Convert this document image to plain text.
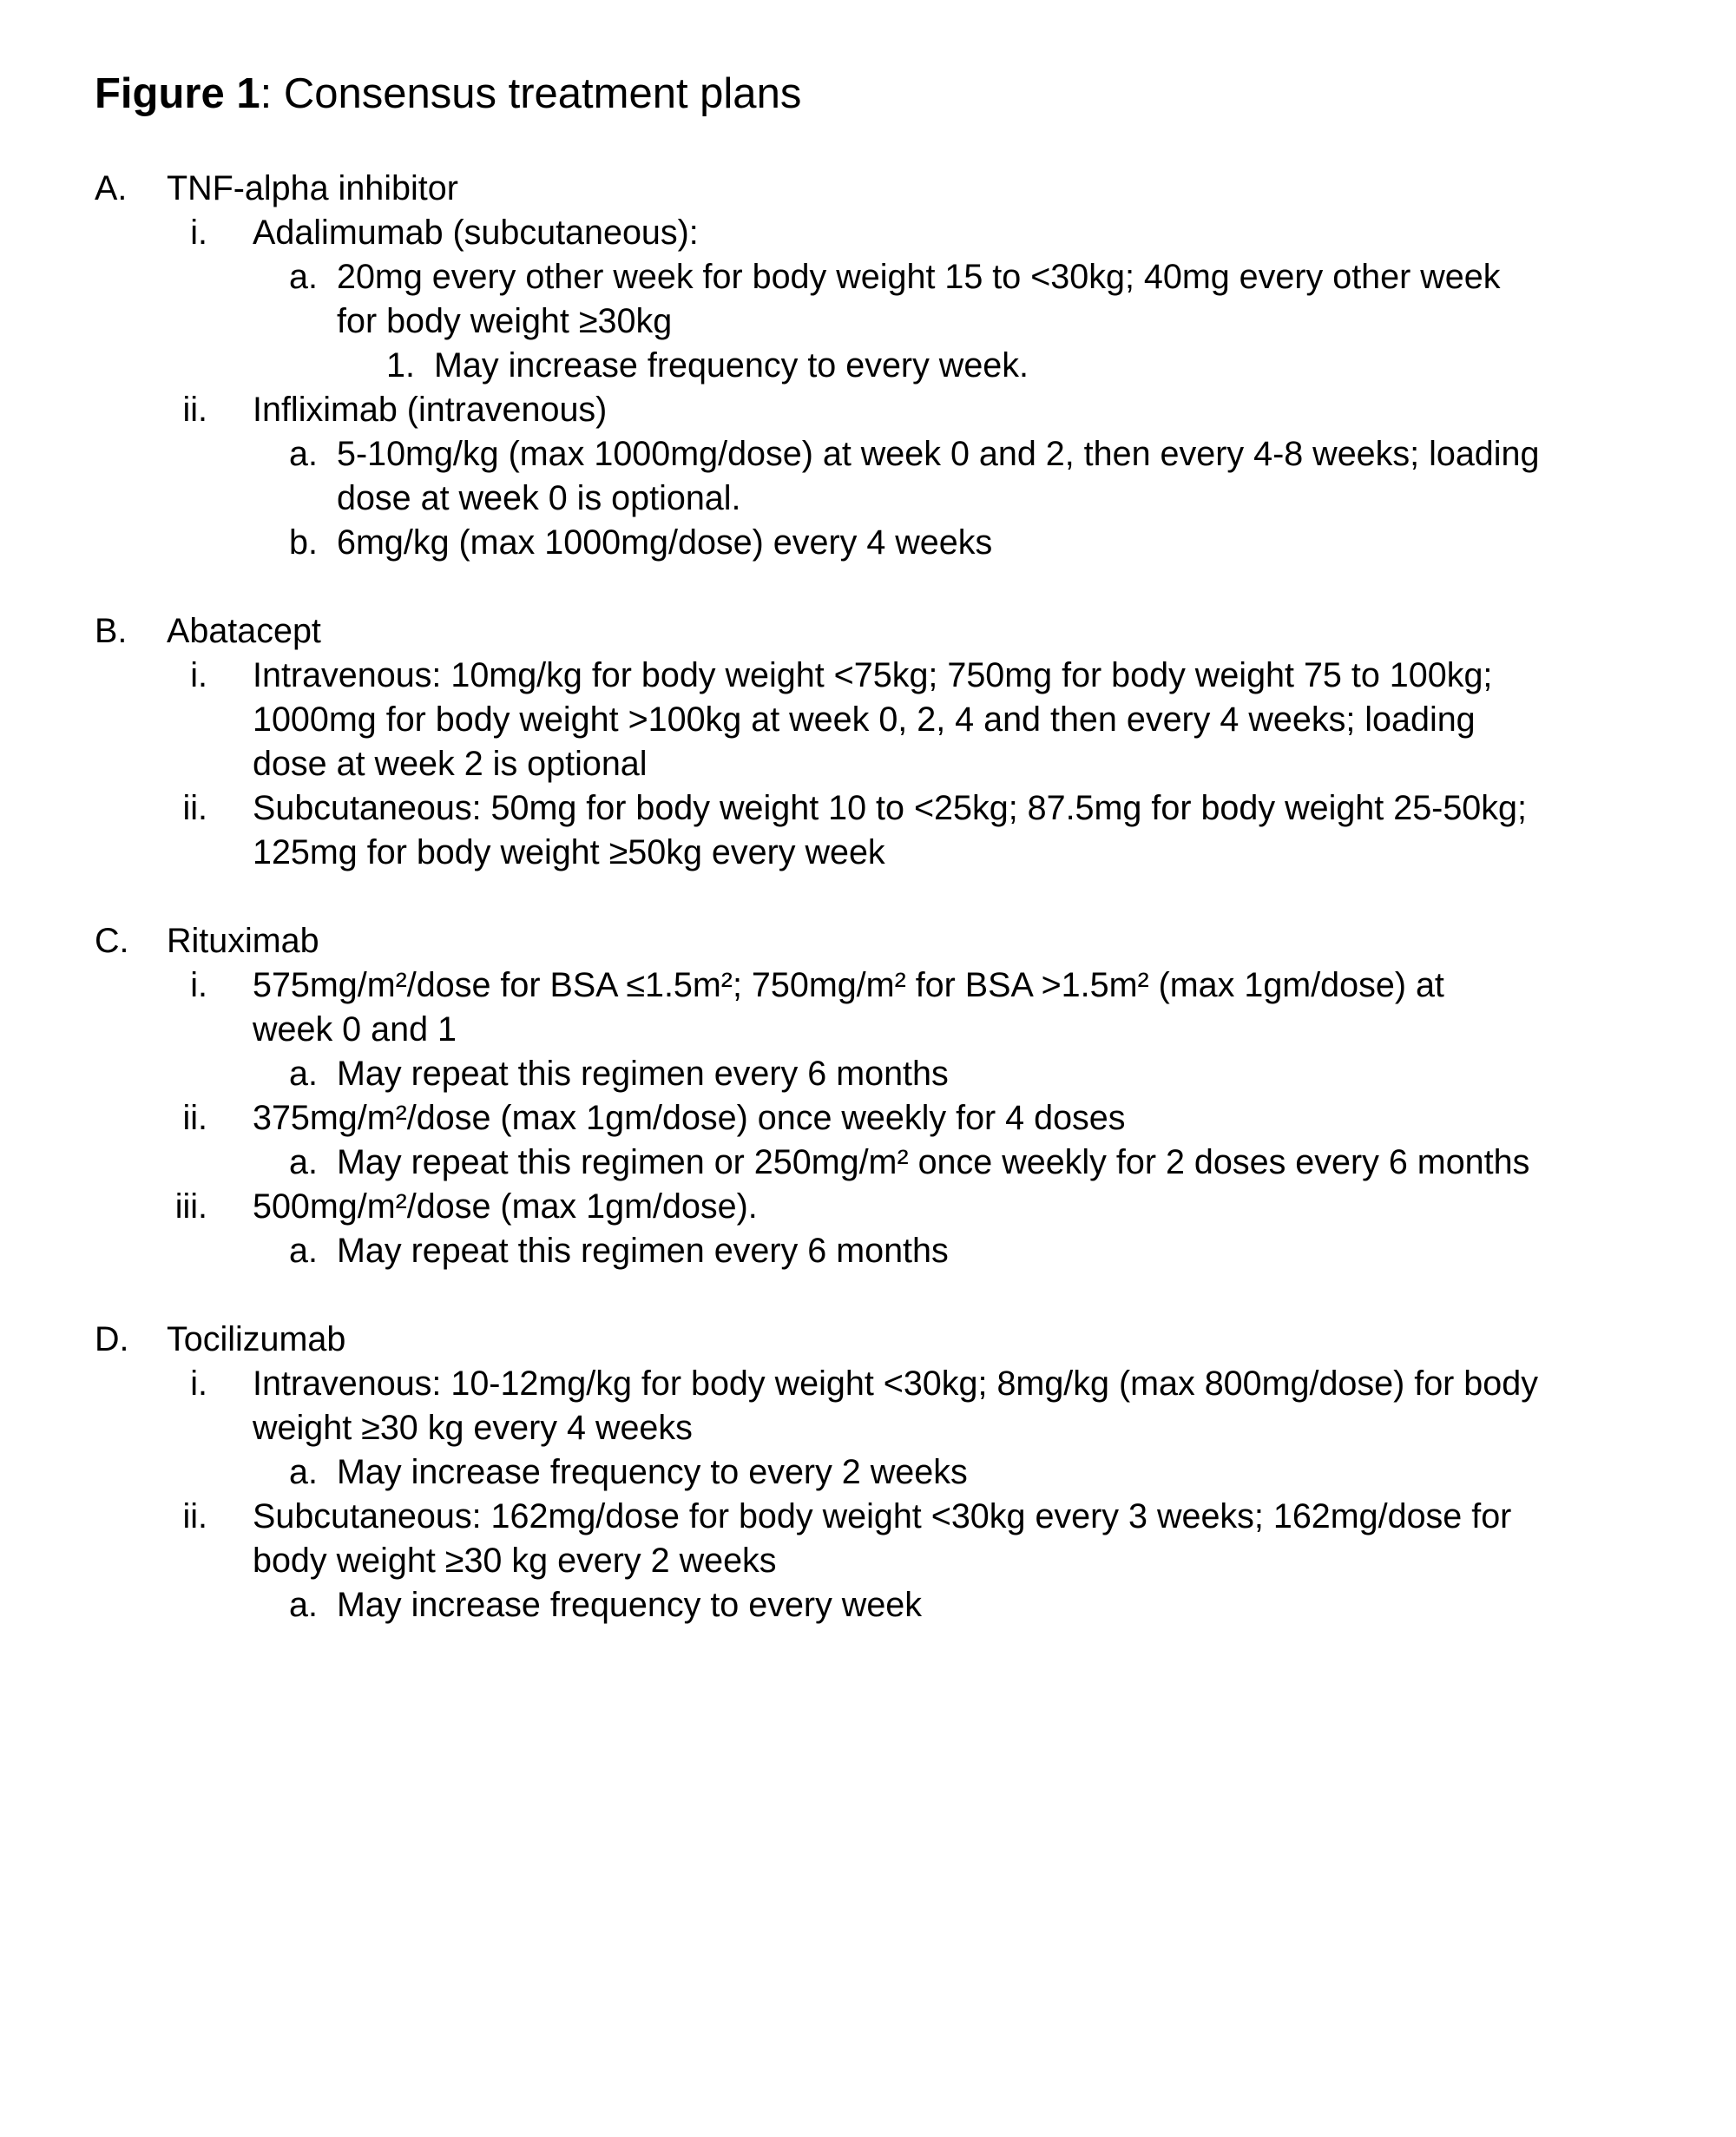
Figure 1: Consensus treatment plans
A. TNF-alpha inhibitor
i. Adalimumab (subcutaneous):
a. 20mg every other week for body weight 15 to <30kg; 40mg every other week
for body weight ≥30kg
1. May increase frequency to every week.
ii. Infliximab (intravenous)
a. 5-10mg/kg (max 1000mg/dose) at week 0 and 2, then every 4-8 weeks; loading
dose at week 0 is optional.
b. 6mg/kg (max 1000mg/dose) every 4 weeks
B. Abatacept
i. Intravenous: 10mg/kg for body weight <75kg; 750mg for body weight 75 to 100kg;
1000mg for body weight >100kg at week 0, 2, 4 and then every 4 weeks; loading
dose at week 2 is optional
ii. Subcutaneous: 50mg for body weight 10 to <25kg; 87.5mg for body weight 25-50kg;
125mg for body weight ≥50kg every week
C. Rituximab
i. 575mg/m²/dose for BSA ≤1.5m²; 750mg/m² for BSA >1.5m² (max 1gm/dose) at
week 0 and 1
a. May repeat this regimen every 6 months
ii. 375mg/m²/dose (max 1gm/dose) once weekly for 4 doses
a. May repeat this regimen or 250mg/m² once weekly for 2 doses every 6 months
iii. 500mg/m²/dose (max 1gm/dose).
a. May repeat this regimen every 6 months
D. Tocilizumab
i. Intravenous: 10-12mg/kg for body weight <30kg; 8mg/kg (max 800mg/dose) for body
weight ≥30 kg every 4 weeks
a. May increase frequency to every 2 weeks
ii. Subcutaneous: 162mg/dose for body weight <30kg every 3 weeks; 162mg/dose for
body weight ≥30 kg every 2 weeks
a. May increase frequency to every week
